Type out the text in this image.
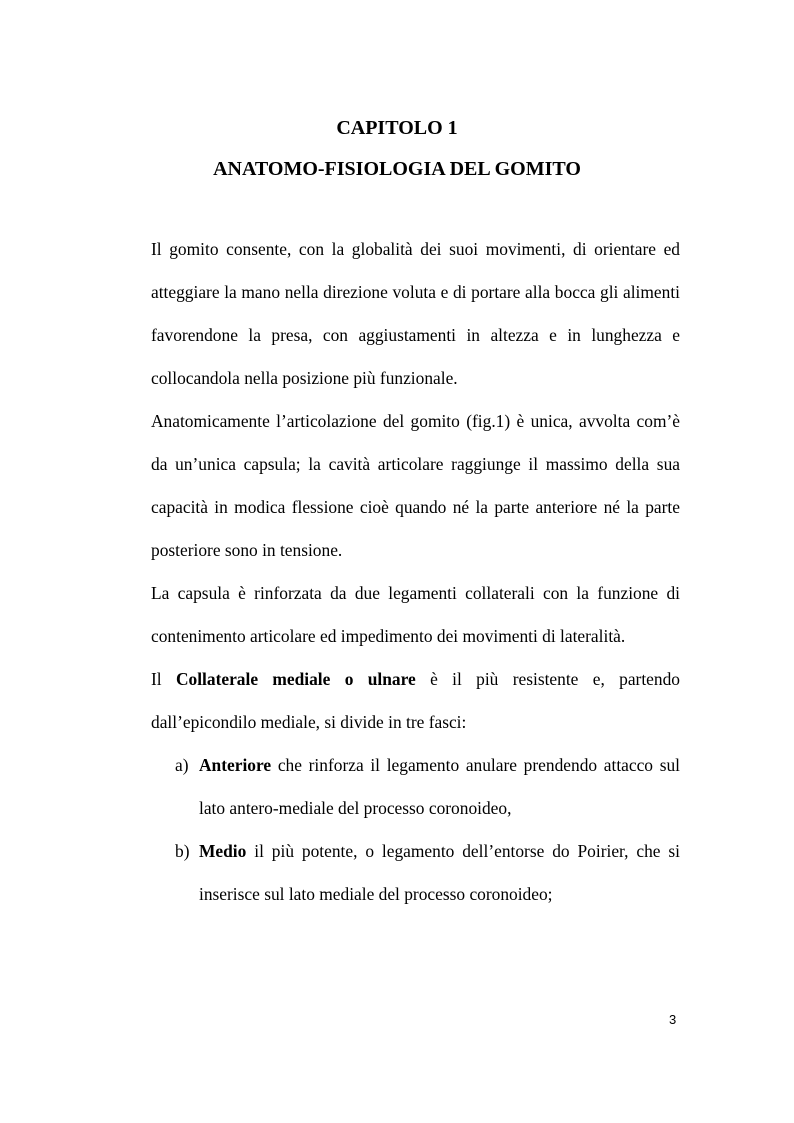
CAPITOLO 1
ANATOMO-FISIOLOGIA DEL GOMITO

Il gomito consente, con la globalità dei suoi movimenti, di orientare ed atteggiare la mano nella direzione voluta e di portare alla bocca gli alimenti favorendone la presa, con aggiustamenti in altezza e in lunghezza e collocandola nella posizione più funzionale.

Anatomicamente l’articolazione del gomito (fig.1) è unica, avvolta com’è da un’unica capsula; la cavità articolare raggiunge il massimo della sua capacità in modica flessione cioè quando né la parte anteriore né la parte posteriore sono in tensione.

La capsula è rinforzata da due legamenti collaterali con la funzione di contenimento articolare ed impedimento dei movimenti di lateralità.

Il Collaterale mediale o ulnare è il più resistente e, partendo dall’epicondilo mediale, si divide in tre fasci:

a) Anteriore che rinforza il legamento anulare prendendo attacco sul lato antero-mediale del processo coronoideo,
b) Medio il più potente, o legamento dell’entorse do Poirier, che si inserisce sul lato mediale del processo coronoideo;
3
